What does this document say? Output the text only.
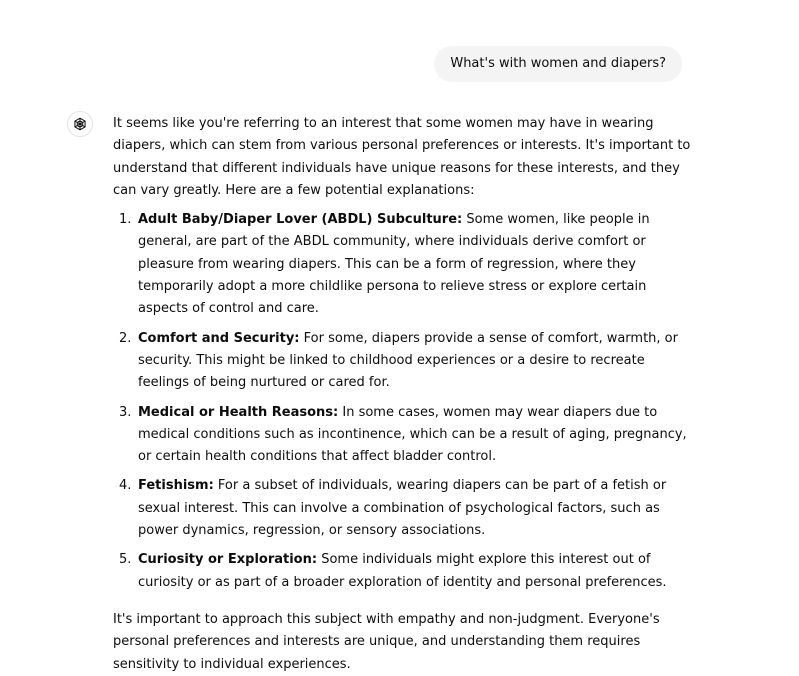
What's with women and diapers?

It seems like you're referring to an interest that some women may have in wearing diapers, which can stem from various personal preferences or interests. It's important to understand that different individuals have unique reasons for these interests, and they can vary greatly. Here are a few potential explanations:

1. Adult Baby/Diaper Lover (ABDL) Subculture: Some women, like people in general, are part of the ABDL community, where individuals derive comfort or pleasure from wearing diapers. This can be a form of regression, where they temporarily adopt a more childlike persona to relieve stress or explore certain aspects of control and care.
2. Comfort and Security: For some, diapers provide a sense of comfort, warmth, or security. This might be linked to childhood experiences or a desire to recreate feelings of being nurtured or cared for.
3. Medical or Health Reasons: In some cases, women may wear diapers due to medical conditions such as incontinence, which can be a result of aging, pregnancy, or certain health conditions that affect bladder control.
4. Fetishism: For a subset of individuals, wearing diapers can be part of a fetish or sexual interest. This can involve a combination of psychological factors, such as power dynamics, regression, or sensory associations.
5. Curiosity or Exploration: Some individuals might explore this interest out of curiosity or as part of a broader exploration of identity and personal preferences.

It's important to approach this subject with empathy and non-judgment. Everyone's personal preferences and interests are unique, and understanding them requires sensitivity to individual experiences.
